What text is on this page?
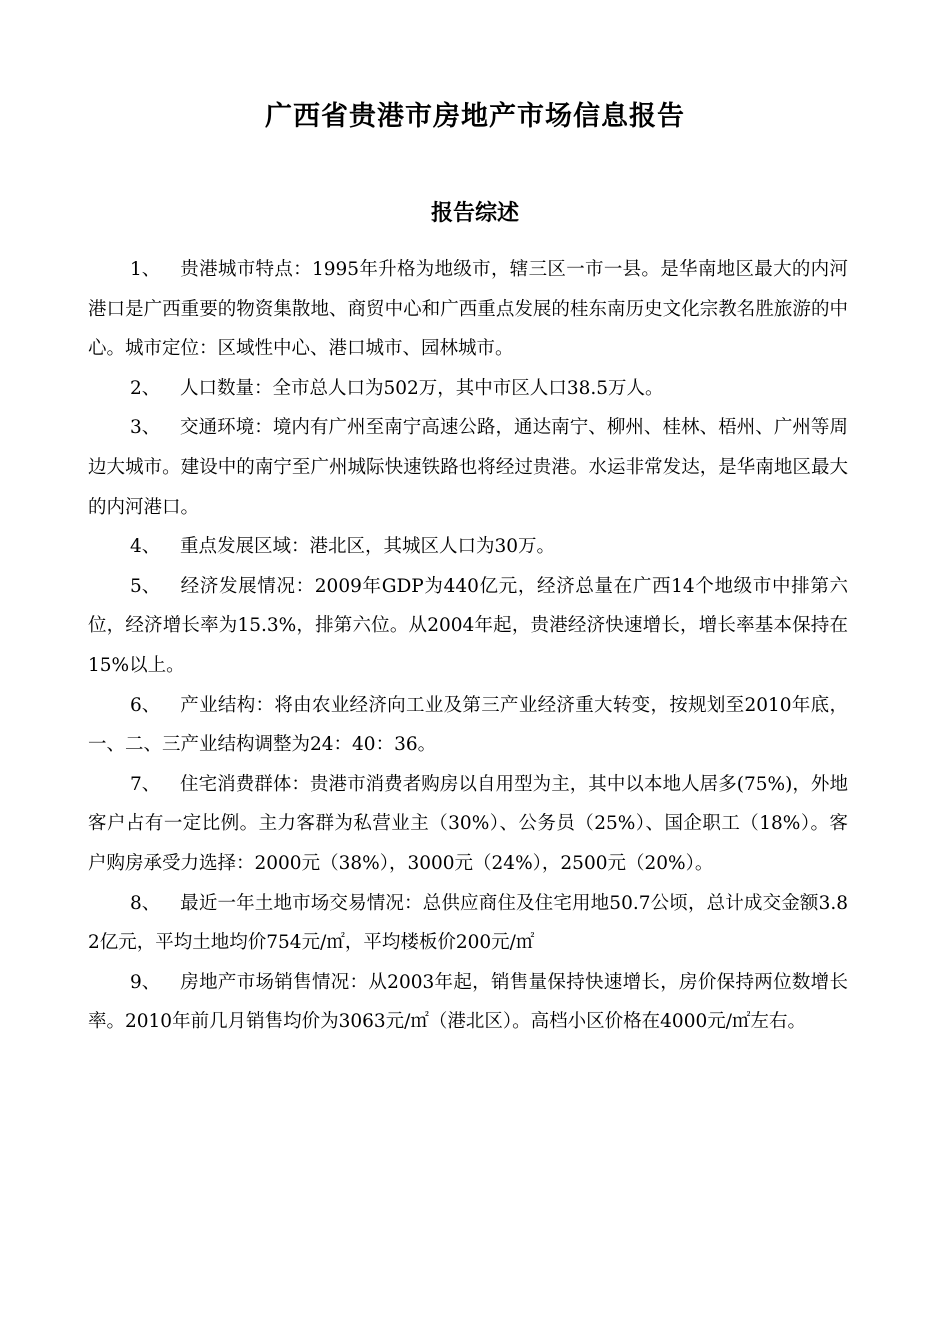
广西省贵港市房地产市场信息报告
报告综述

1、 贵港城市特点：1995年升格为地级市，辖三区一市一县。是华南地区最大的内河港口是广西重要的物资集散地、商贸中心和广西重点发展的桂东南历史文化宗教名胜旅游的中心。城市定位：区域性中心、港口城市、园林城市。

2、 人口数量：全市总人口为502万，其中市区人口38.5万人。

3、 交通环境：境内有广州至南宁高速公路，通达南宁、柳州、桂林、梧州、广州等周边大城市。建设中的南宁至广州城际快速铁路也将经过贵港。水运非常发达，是华南地区最大的内河港口。

4、 重点发展区域：港北区，其城区人口为30万。

5、 经济发展情况：2009年GDP为440亿元，经济总量在广西14个地级市中排第六位，经济增长率为15.3%，排第六位。从2004年起，贵港经济快速增长，增长率基本保持在15%以上。

6、 产业结构：将由农业经济向工业及第三产业经济重大转变，按规划至2010年底，一、二、三产业结构调整为24：40：36。

7、 住宅消费群体：贵港市消费者购房以自用型为主，其中以本地人居多(75%)，外地客户占有一定比例。主力客群为私营业主（30%）、公务员（25%）、国企职工（18%）。客户购房承受力选择：2000元（38%），3000元（24%），2500元（20%）。

8、 最近一年土地市场交易情况：总供应商住及住宅用地50.7公顷，总计成交金额3.82亿元，平均土地均价754元/㎡，平均楼板价200元/㎡

9、 房地产市场销售情况：从2003年起，销售量保持快速增长，房价保持两位数增长率。2010年前几月销售均价为3063元/㎡（港北区）。高档小区价格在4000元/㎡左右。
